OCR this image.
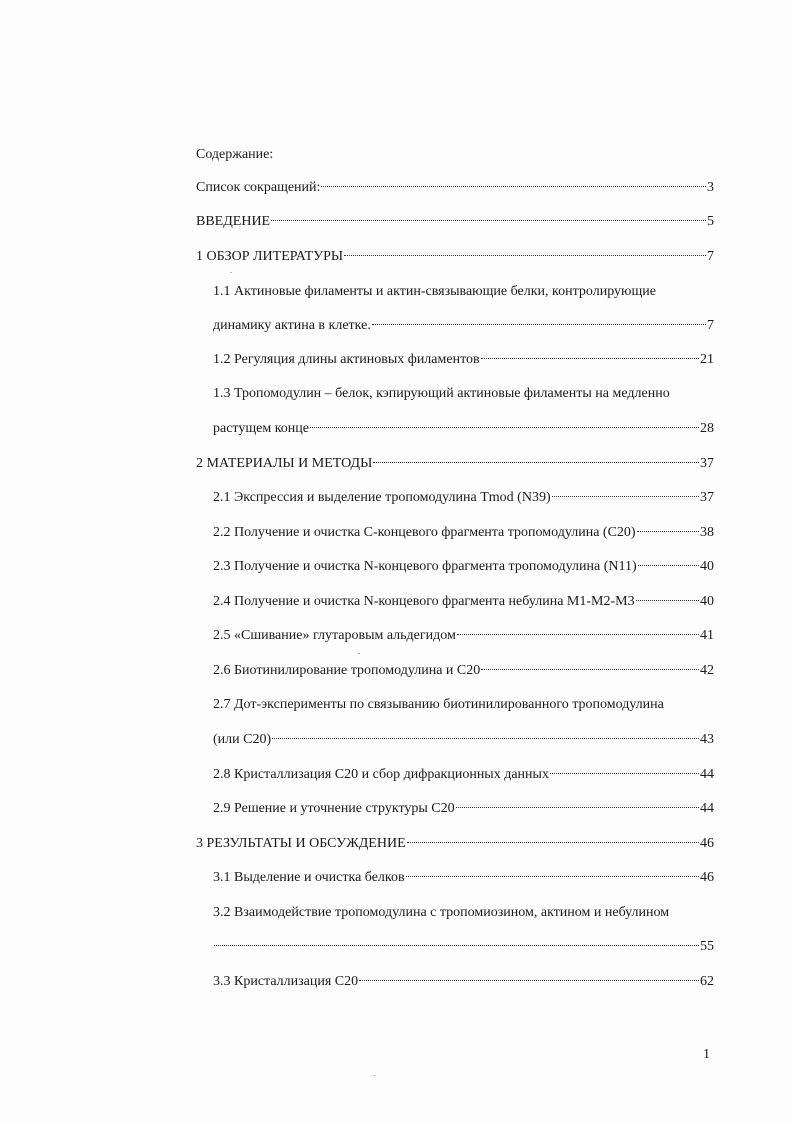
Содержание:
Список сокращений:	3
ВВЕДЕНИЕ	5
1 ОБЗОР ЛИТЕРАТУРЫ	7
1.1 Актиновые филаменты и актин-связывающие белки, контролирующие
динамику актина в клетке.	7
1.2 Регуляция длины актиновых филаментов	21
1.3 Тропомодулин – белок, кэпирующий актиновые филаменты на медленно
растущем конце	28
2 МАТЕРИАЛЫ И МЕТОДЫ	37
2.1 Экспрессия и выделение тропомодулина Tmod (N39)	37
2.2 Получение и очистка С-концевого фрагмента тропомодулина (С20)	38
2.3 Получение и очистка N-концевого фрагмента тропомодулина (N11)	40
2.4 Получение и очистка N-концевого фрагмента небулина M1-M2-M3	40
2.5 «Сшивание» глутаровым альдегидом	41
2.6 Биотинилирование тропомодулина и С20	42
2.7 Дот-эксперименты по связыванию биотинилированного тропомодулина
(или С20)	43
2.8 Кристаллизация С20 и сбор дифракционных данных	44
2.9 Решение и уточнение структуры С20	44
3 РЕЗУЛЬТАТЫ И ОБСУЖДЕНИЕ	46
3.1 Выделение и очистка белков	46
3.2 Взаимодействие тропомодулина с тропомиозином, актином и небулином
55
3.3 Кристаллизация С20	62
1
